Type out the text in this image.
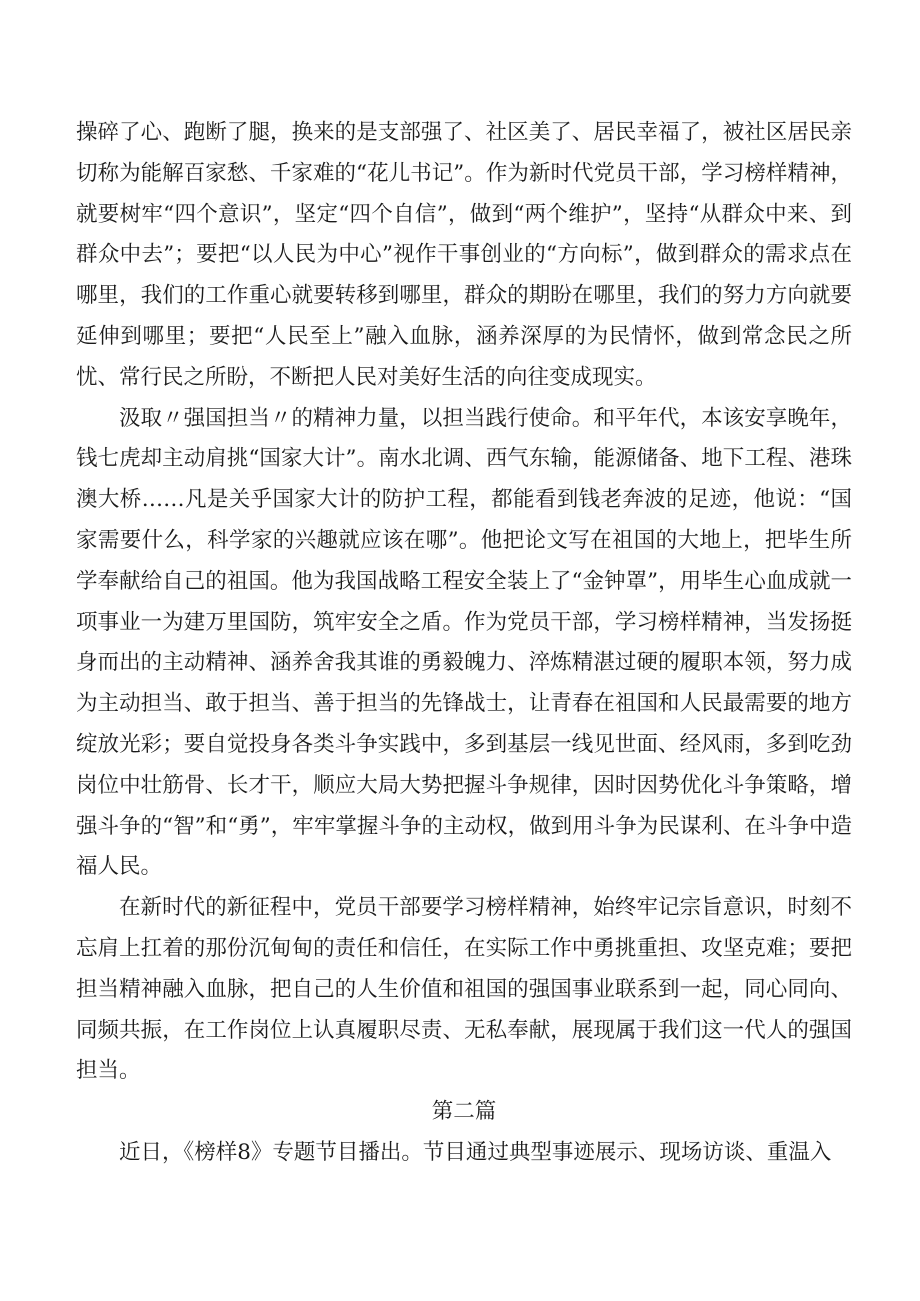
操碎了心、跑断了腿，换来的是支部强了、社区美了、居民幸福了，被社区居民亲切称为能解百家愁、千家难的“花儿书记”。作为新时代党员干部，学习榜样精神，就要树牢“四个意识”，坚定“四个自信”，做到“两个维护”，坚持“从群众中来、到群众中去”；要把“以人民为中心”视作干事创业的“方向标”，做到群众的需求点在哪里，我们的工作重心就要转移到哪里，群众的期盼在哪里，我们的努力方向就要延伸到哪里；要把“人民至上”融入血脉，涵养深厚的为民情怀，做到常念民之所忧、常行民之所盼，不断把人民对美好生活的向往变成现实。

汲取〃强国担当〃的精神力量，以担当践行使命。和平年代，本该安享晚年，钱七虎却主动肩挑“国家大计”。南水北调、西气东输，能源储备、地下工程、港珠澳大桥……凡是关乎国家大计的防护工程，都能看到钱老奔波的足迹，他说：“国家需要什么，科学家的兴趣就应该在哪”。他把论文写在祖国的大地上，把毕生所学奉献给自己的祖国。他为我国战略工程安全装上了“金钟罩”，用毕生心血成就一项事业一为建万里国防，筑牢安全之盾。作为党员干部，学习榜样精神，当发扬挺身而出的主动精神、涵养舍我其谁的勇毅魄力、淬炼精湛过硬的履职本领，努力成为主动担当、敢于担当、善于担当的先锋战士，让青春在祖国和人民最需要的地方绽放光彩；要自觉投身各类斗争实践中，多到基层一线见世面、经风雨，多到吃劲岗位中壮筋骨、长才干，顺应大局大势把握斗争规律，因时因势优化斗争策略，增强斗争的“智”和“勇”，牢牢掌握斗争的主动权，做到用斗争为民谋利、在斗争中造福人民。

在新时代的新征程中，党员干部要学习榜样精神，始终牢记宗旨意识，时刻不忘肩上扛着的那份沉甸甸的责任和信任，在实际工作中勇挑重担、攻坚克难；要把担当精神融入血脉，把自己的人生价值和祖国的强国事业联系到一起，同心同向、同频共振，在工作岗位上认真履职尽责、无私奉献，展现属于我们这一代人的强国担当。

第二篇

近日，《榜样8》专题节目播出。节目通过典型事迹展示、现场访谈、重温入
